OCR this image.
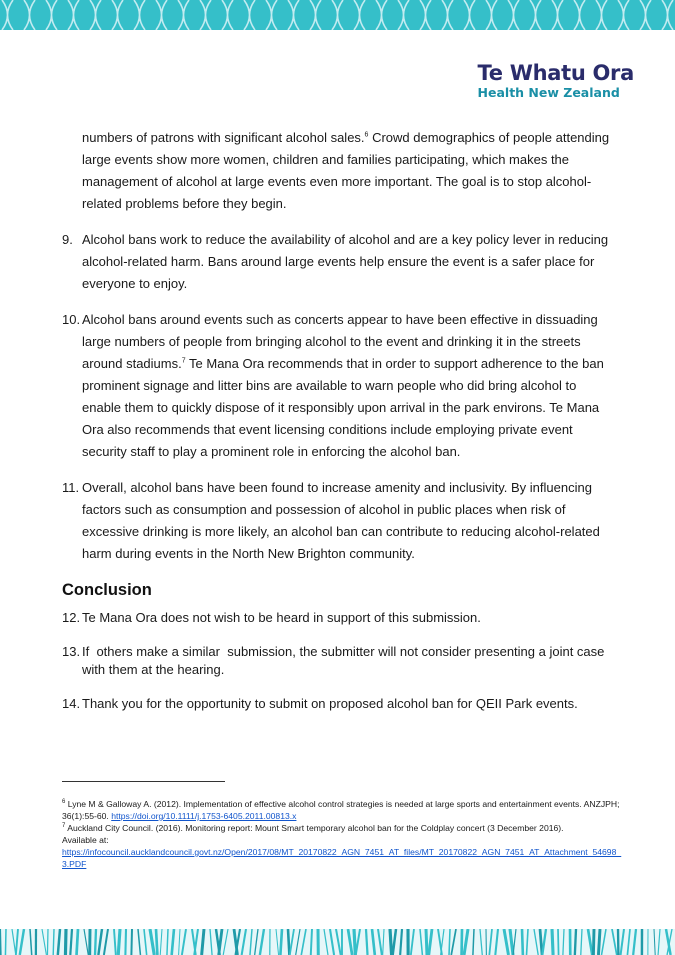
Te Whatu Ora
Health New Zealand
numbers of patrons with significant alcohol sales.$^6$ Crowd demographics of people attending large events show more women, children and families participating, which makes the management of alcohol at large events even more important. The goal is to stop alcohol-related problems before they begin.
9. Alcohol bans work to reduce the availability of alcohol and are a key policy lever in reducing alcohol-related harm. Bans around large events help ensure the event is a safer place for everyone to enjoy.
10. Alcohol bans around events such as concerts appear to have been effective in dissuading large numbers of people from bringing alcohol to the event and drinking it in the streets around stadiums.$^7$ Te Mana Ora recommends that in order to support adherence to the ban prominent signage and litter bins are available to warn people who did bring alcohol to enable them to quickly dispose of it responsibly upon arrival in the park environs. Te Mana Ora also recommends that event licensing conditions include employing private event security staff to play a prominent role in enforcing the alcohol ban.
11. Overall, alcohol bans have been found to increase amenity and inclusivity. By influencing factors such as consumption and possession of alcohol in public places when risk of excessive drinking is more likely, an alcohol ban can contribute to reducing alcohol-related harm during events in the North New Brighton community.
Conclusion
12. Te Mana Ora does not wish to be heard in support of this submission.
13. If  others make a similar  submission, the submitter will not consider presenting a joint case with them at the hearing.
14. Thank you for the opportunity to submit on proposed alcohol ban for QEII Park events.
$^6$ Lyne M & Galloway A. (2012). Implementation of effective alcohol control strategies is needed at large sports and entertainment events. ANZJPH; 36(1):55-60. https://doi.org/10.1111/j.1753-6405.2011.00813.x
$^7$ Auckland City Council. (2016). Monitoring report: Mount Smart temporary alcohol ban for the Coldplay concert (3 December 2016).
Available at:
https://infocouncil.aucklandcouncil.govt.nz/Open/2017/08/MT_20170822_AGN_7451_AT_files/MT_20170822_AGN_7451_AT_Attachment_54698_3.PDF
